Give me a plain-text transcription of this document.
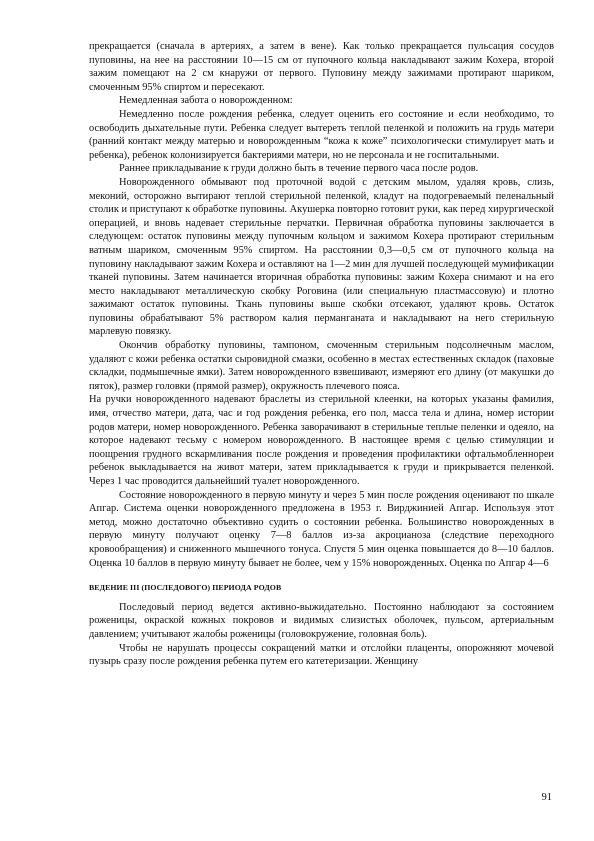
прекращается (сначала в артериях, а затем в вене). Как только прекращается пульсация сосудов пуповины, на нее на расстоянии 10—15 см от пупочного кольца накладывают зажим Кохера, второй зажим помещают на 2 см кнаружи от первого. Пуповину между зажимами протирают шариком, смоченным 95% спиртом и пересекают.

Немедленная забота о новорожденном:

Немедленно после рождения ребенка, следует оценить его состояние и если необходимо, то освободить дыхательные пути. Ребенка следует вытереть теплой пеленкой и положить на грудь матери (ранний контакт между матерью и новорожденным “кожа к коже” психологически стимулирует мать и ребенка), ребенок колонизируется бактериями матери, но не персонала и не госпитальными.

Раннее прикладывание к груди должно быть в течение первого часа после родов.

Новорожденного обмывают под проточной водой с детским мылом, удаляя кровь, слизь, меконий, осторожно вытирают теплой стерильной пеленкой, кладут на подогреваемый пеленальный столик и приступают к обработке пуповины. Акушерка повторно готовит руки, как перед хирургической операцией, и вновь надевает стерильные перчатки. Первичная обработка пуповины заключается в следующем: остаток пуповины между пупочным кольцом и зажимом Кохера протирают стерильным ватным шариком, смоченным 95% спиртом. На расстоянии 0,3—0,5 см от пупочного кольца на пуповину накладывают зажим Кохера и оставляют на 1—2 мин для лучшей последующей мумификации тканей пуповины. Затем начинается вторичная обработка пуповины: зажим Кохера снимают и на его место накладывают металлическую скобку Роговина (или специальную пластмассовую) и плотно зажимают остаток пуповины. Ткань пуповины выше скобки отсекают, удаляют кровь. Остаток пуповины обрабатывают 5% раствором калия перманганата и накладывают на него стерильную марлевую повязку.

Окончив обработку пуповины, тампоном, смоченным стерильным подсолнечным маслом, удаляют с кожи ребенка остатки сыровидной смазки, особенно в местах естественных складок (паховые складки, подмышечные ямки). Затем новорожденного взвешивают, измеряют его длину (от макушки до пяток), размер головки (прямой размер), окружность плечевого пояса.

На ручки новорожденного надевают браслеты из стерильной клеенки, на которых указаны фамилия, имя, отчество матери, дата, час и год рождения ребенка, его пол, масса тела и длина, номер истории родов матери, номер новорожденного. Ребенка заворачивают в стерильные теплые пеленки и одеяло, на которое надевают тесьму с номером новорожденного. В настоящее время с целью стимуляции и поощрения грудного вскармливания после рождения и проведения профилактики офтальмобленнореи ребенок выкладывается на живот матери, затем прикладывается к груди и прикрывается пеленкой. Через 1 час проводится дальнейший туалет новорожденного.

Состояние новорожденного в первую минуту и через 5 мин после рождения оценивают по шкале Апгар. Система оценки новорожденного предложена в 1953 г. Вирджинией Апгар. Используя этот метод, можно достаточно объективно судить о состоянии ребенка. Большинство новорожденных в первую минуту получают оценку 7—8 баллов из-за акроцианоза (следствие переходного кровообращения) и сниженного мышечного тонуса. Спустя 5 мин оценка повышается до 8—10 баллов. Оценка 10 баллов в первую минуту бывает не более, чем у 15% новорожденных. Оценка по Апгар 4—6

ВЕДЕНИЕ III (ПОСЛЕДОВОГО) ПЕРИОДА РОДОВ

Последовый период ведется активно-выжидательно. Постоянно наблюдают за состоянием роженицы, окраской кожных покровов и видимых слизистых оболочек, пульсом, артериальным давлением; учитывают жалобы роженицы (головокружение, головная боль).

Чтобы не нарушать процессы сокращений матки и отслойки плаценты, опорожняют мочевой пузырь сразу после рождения ребенка путем его катетеризации. Женщину

91
